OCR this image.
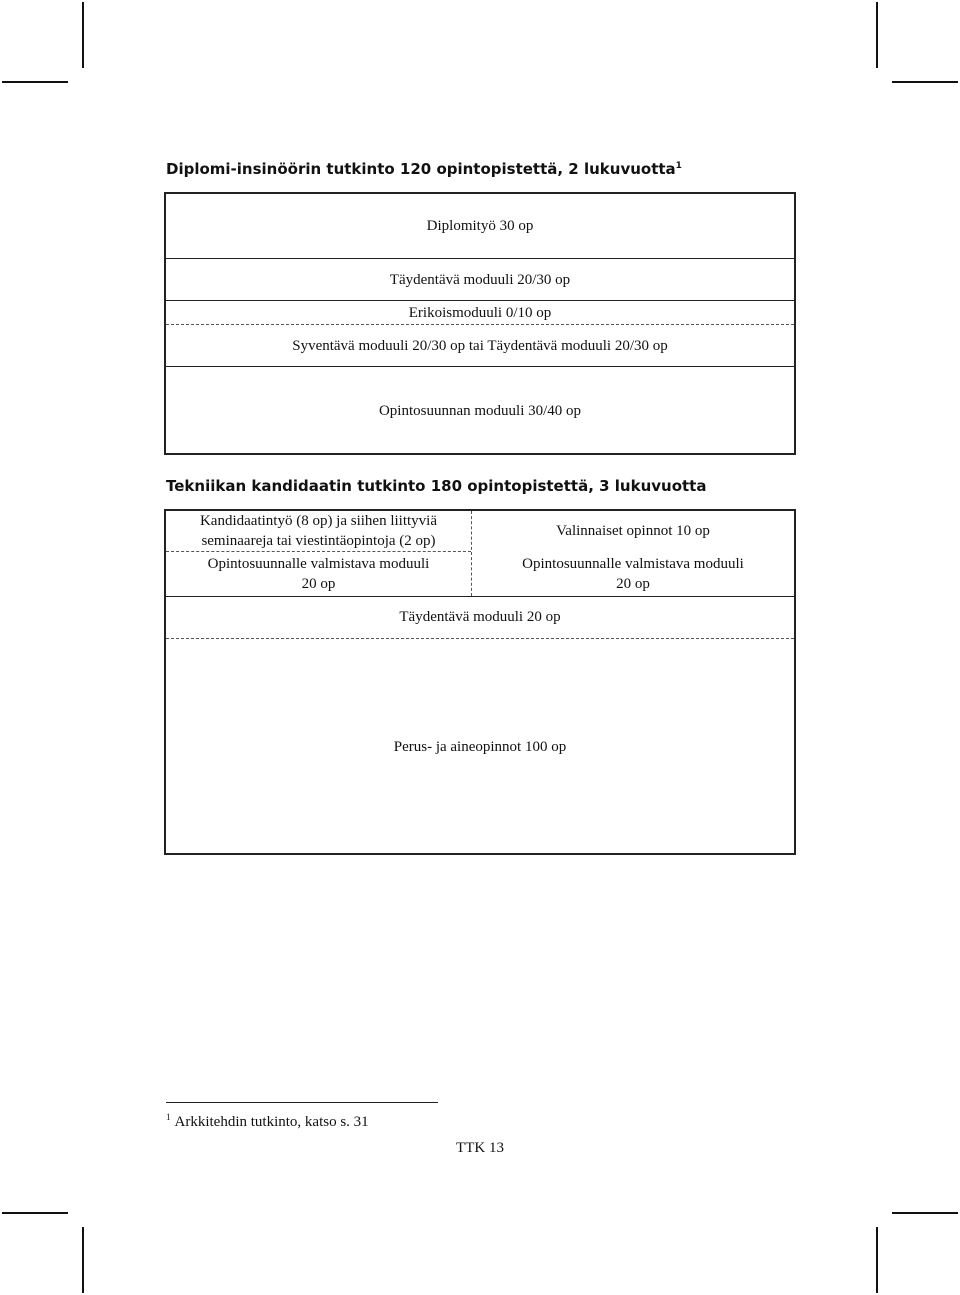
Diplomi-insinöörin tutkinto 120 opintopistettä, 2 lukuvuotta$^1$
Diplomityö 30 op
Täydentävä moduuli 20/30 op
Erikoismoduuli 0/10 op
Syventävä moduuli 20/30 op tai Täydentävä moduuli 20/30 op
Opintosuunnan moduuli 30/40 op
Tekniikan kandidaatin tutkinto 180 opintopistettä, 3 lukuvuotta
Kandidaatintyö (8 op) ja siihen liittyviä
seminaareja tai viestintäopintoja (2 op)
Opintosuunnalle valmistava moduuli
20 op
Valinnaiset opinnot 10 op
Opintosuunnalle valmistava moduuli
20 op
Täydentävä moduuli 20 op
Perus- ja aineopinnot 100 op
$^1$ Arkkitehdin tutkinto, katso s. 31
TTK 13
